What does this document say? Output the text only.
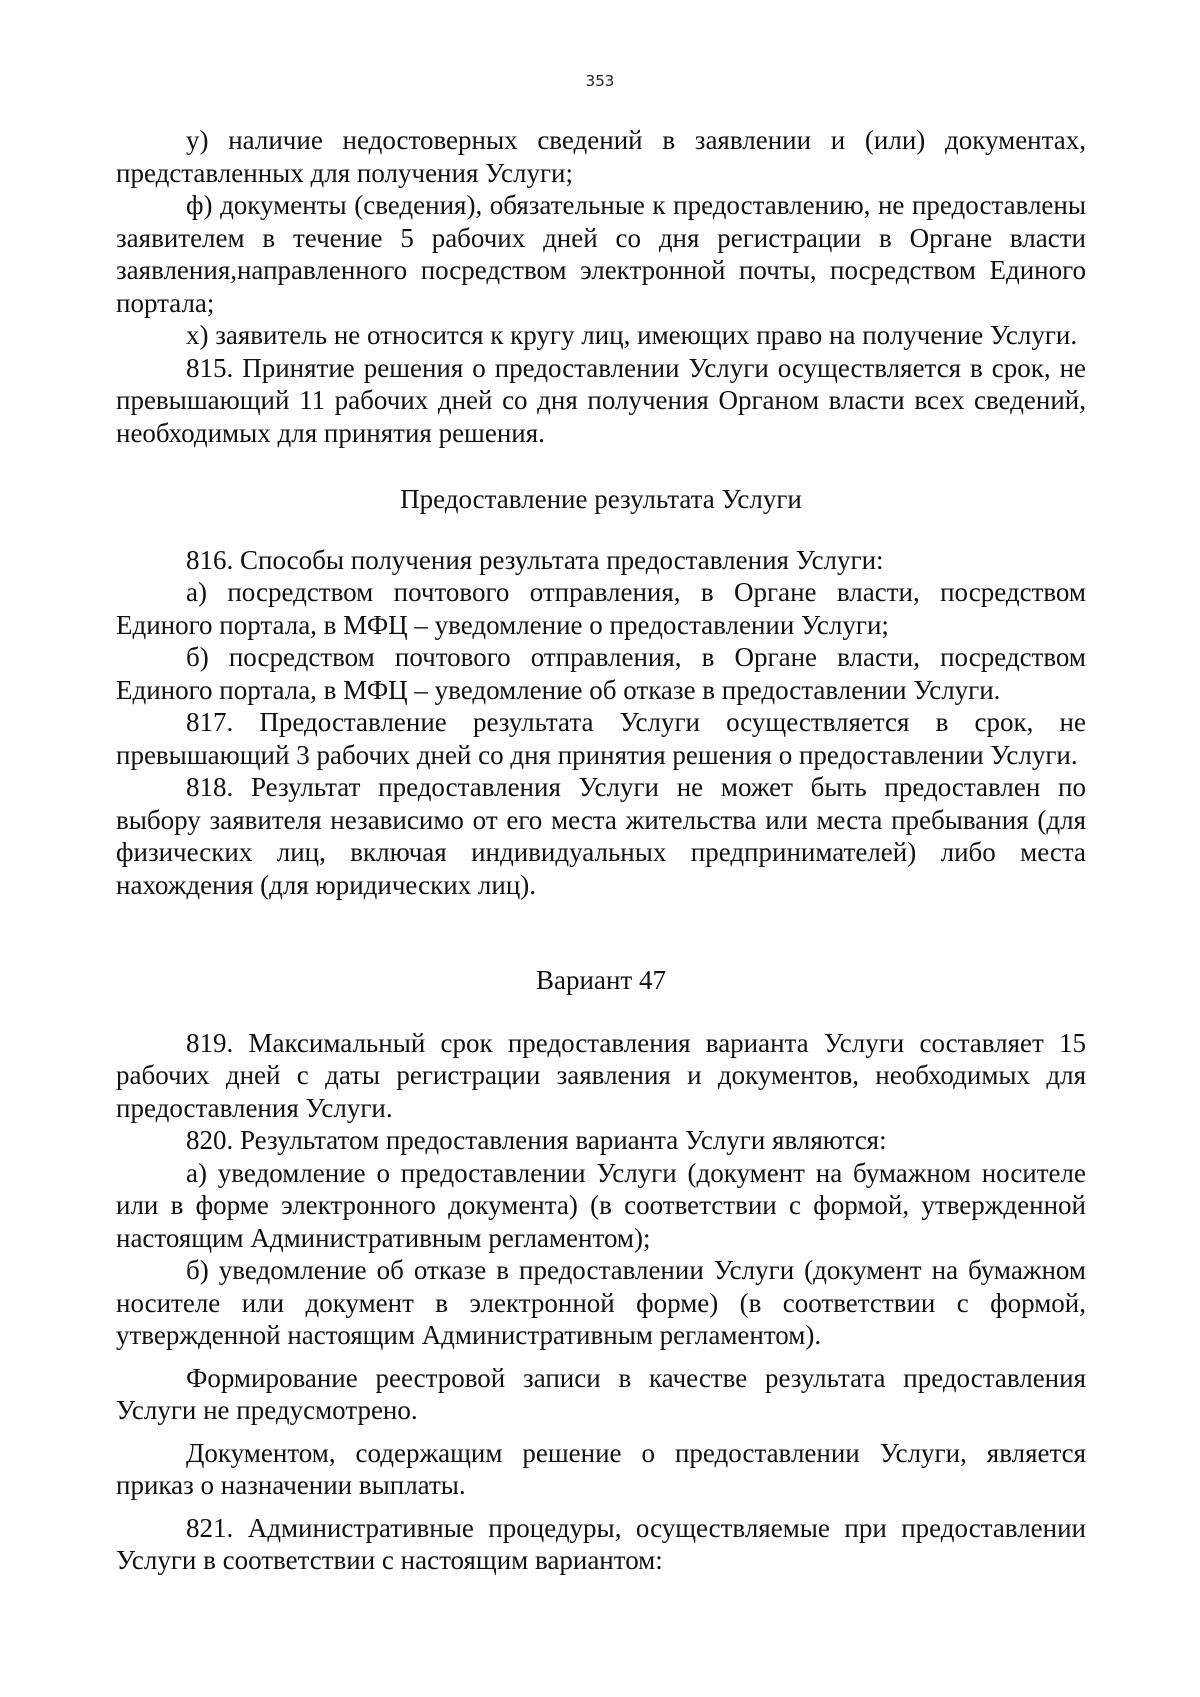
353

у) наличие недостоверных сведений в заявлении и (или) документах, представленных для получения Услуги;

ф) документы (сведения), обязательные к предоставлению, не предоставлены заявителем в течение 5 рабочих дней со дня регистрации в Органе власти заявления,направленного посредством электронной почты, посредством Единого портала;

х) заявитель не относится к кругу лиц, имеющих право на получение Услуги.

815. Принятие решения о предоставлении Услуги осуществляется в срок, не превышающий 11 рабочих дней со дня получения Органом власти всех сведений, необходимых для принятия решения.

Предоставление результата Услуги

816. Способы получения результата предоставления Услуги:

а) посредством почтового отправления, в Органе власти, посредством Единого портала, в МФЦ – уведомление о предоставлении Услуги;

б) посредством почтового отправления, в Органе власти, посредством Единого портала, в МФЦ – уведомление об отказе в предоставлении Услуги.

817. Предоставление результата Услуги осуществляется в срок, не превышающий 3 рабочих дней со дня принятия решения о предоставлении Услуги.

818. Результат предоставления Услуги не может быть предоставлен по выбору заявителя независимо от его места жительства или места пребывания (для физических лиц, включая индивидуальных предпринимателей) либо места нахождения (для юридических лиц).

Вариант 47

819. Максимальный срок предоставления варианта Услуги составляет 15 рабочих дней с даты регистрации заявления и документов, необходимых для предоставления Услуги.

820. Результатом предоставления варианта Услуги являются:

а) уведомление о предоставлении Услуги (документ на бумажном носителе или в форме электронного документа) (в соответствии с формой, утвержденной настоящим Административным регламентом);

б) уведомление об отказе в предоставлении Услуги (документ на бумажном носителе или документ в электронной форме) (в соответствии с формой, утвержденной настоящим Административным регламентом).

Формирование реестровой записи в качестве результата предоставления Услуги не предусмотрено.

Документом, содержащим решение о предоставлении Услуги, является приказ о назначении выплаты.

821. Административные процедуры, осуществляемые при предоставлении Услуги в соответствии с настоящим вариантом:
